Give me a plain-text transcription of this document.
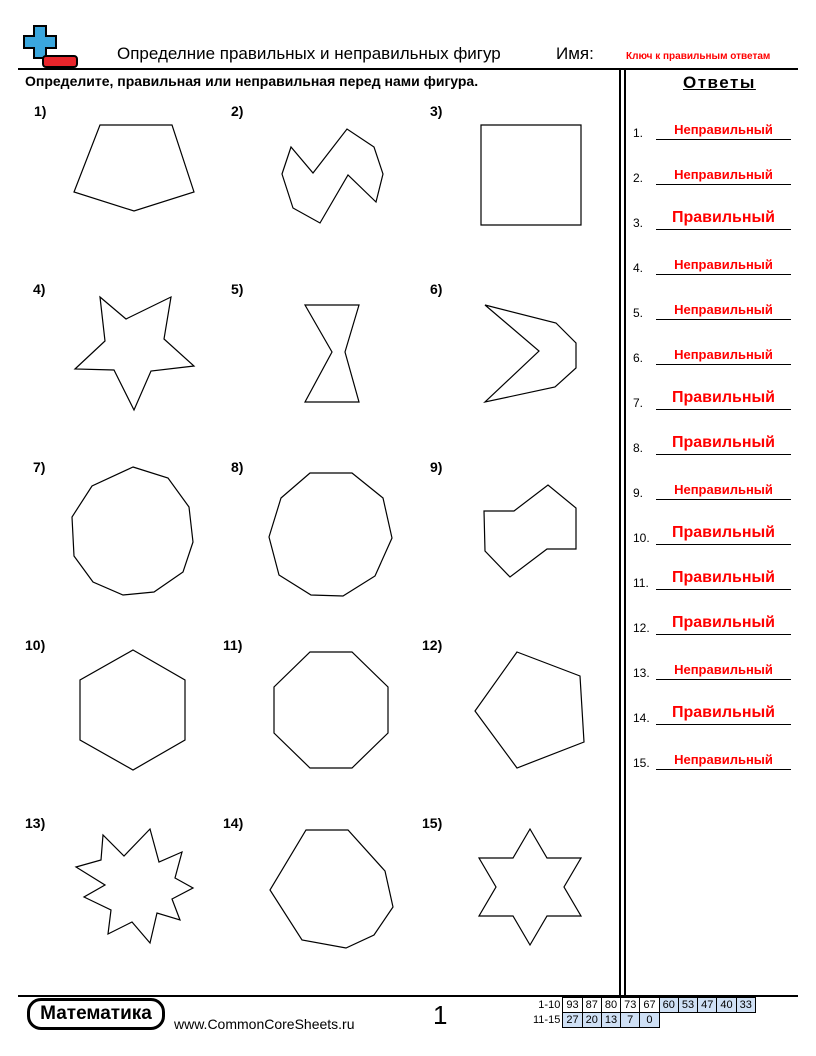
Определние правильных и неправильных фигур	Имя:	Ключ к правильным ответам
Определите, правильная или неправильная перед нами фигура.	Ответы
1)	2)	3)
4)	5)	6)
7)	8)	9)
10)	11)	12)
13)	14)	15)
1.	Неправильный
2.	Неправильный
3.	Правильный
4.	Неправильный
5.	Неправильный
6.	Неправильный
7.	Правильный
8.	Правильный
9.	Неправильный
10.	Правильный
11.	Правильный
12.	Правильный
13.	Неправильный
14.	Правильный
15.	Неправильный
Математика	www.CommonCoreSheets.ru	1	1-10	93	87	80	73	67	60	53	47	40	33
11-15	27	20	13	7	0					
